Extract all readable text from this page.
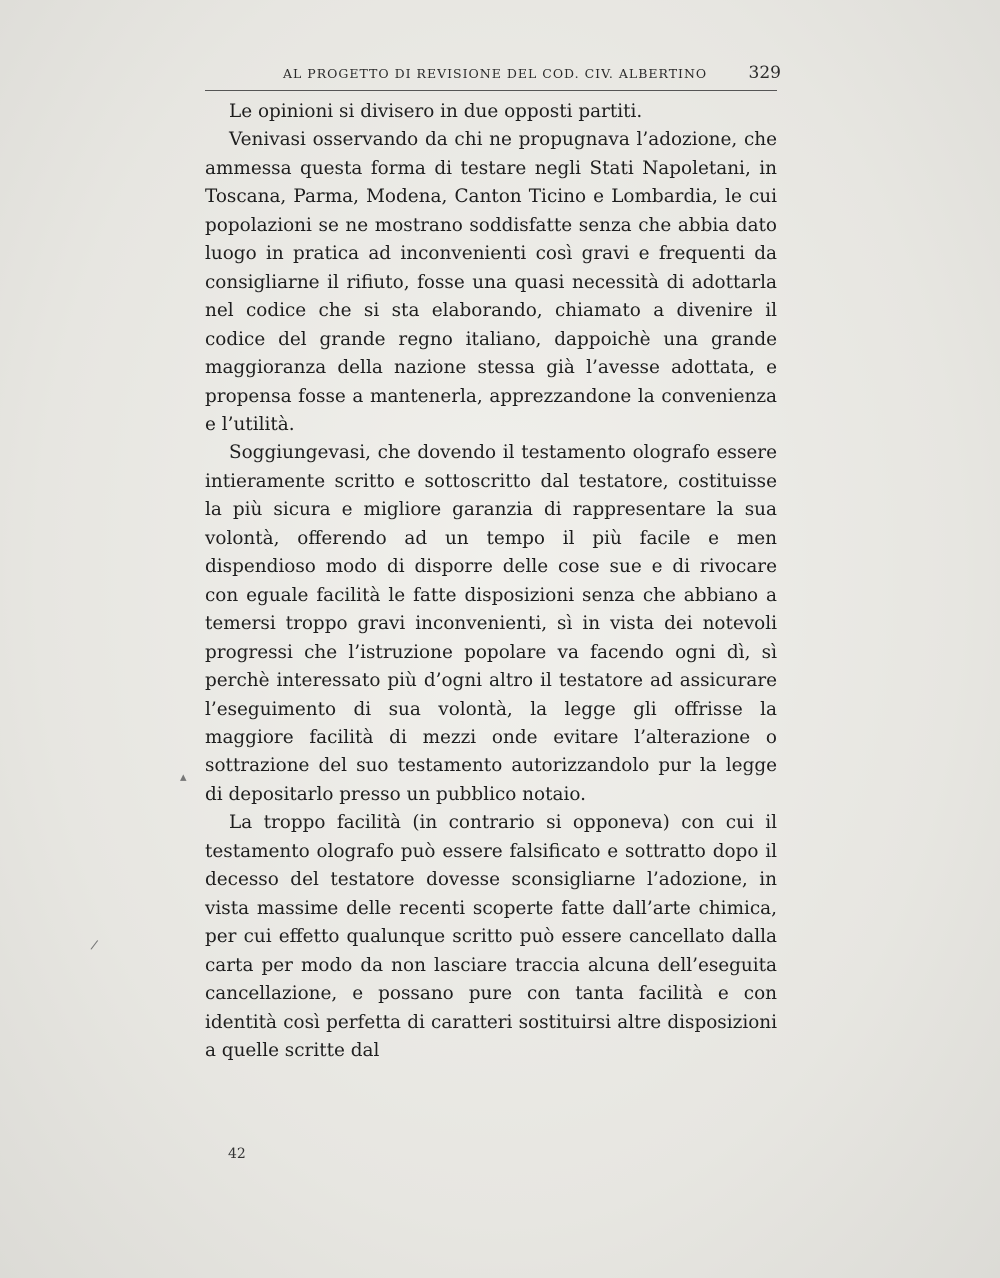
AL PROGETTO DI REVISIONE DEL COD. CIV. ALBERTINO 329

Le opinioni si divisero in due opposti partiti.

Venivasi osservando da chi ne propugnava l’adozione, che ammessa questa forma di testare negli Stati Napoletani, in Toscana, Parma, Modena, Canton Ticino e Lombardia, le cui popolazioni se ne mostrano soddisfatte senza che abbia dato luogo in pratica ad inconvenienti così gravi e frequenti da consigliarne il rifiuto, fosse una quasi necessità di adottarla nel codice che si sta elaborando, chiamato a divenire il codice del grande regno italiano, dappoichè una grande maggioranza della nazione stessa già l’avesse adottata, e propensa fosse a mantenerla, apprezzandone la convenienza e l’utilità.

Soggiungevasi, che dovendo il testamento olografo essere intieramente scritto e sottoscritto dal testatore, costituisse la più sicura e migliore garanzia di rappresentare la sua volontà, offerendo ad un tempo il più facile e men dispendioso modo di disporre delle cose sue e di rivocare con eguale facilità le fatte disposizioni senza che abbiano a temersi troppo gravi inconvenienti, sì in vista dei notevoli progressi che l’istruzione popolare va facendo ogni dì, sì perchè interessato più d’ogni altro il testatore ad assicurare l’eseguimento di sua volontà, la legge gli offrisse la maggiore facilità di mezzi onde evitare l’alterazione o sottrazione del suo testamento autorizzandolo pur la legge di depositarlo presso un pubblico notaio.

La troppo facilità (in contrario si opponeva) con cui il testamento olografo può essere falsificato e sottratto dopo il decesso del testatore dovesse sconsigliarne l’adozione, in vista massime delle recenti scoperte fatte dall’arte chimica, per cui effetto qualunque scritto può essere cancellato dalla carta per modo da non lasciare traccia alcuna dell’eseguita cancellazione, e possano pure con tanta facilità e con identità così perfetta di caratteri sostituirsi altre disposizioni a quelle scritte dal

42
▴
∕
